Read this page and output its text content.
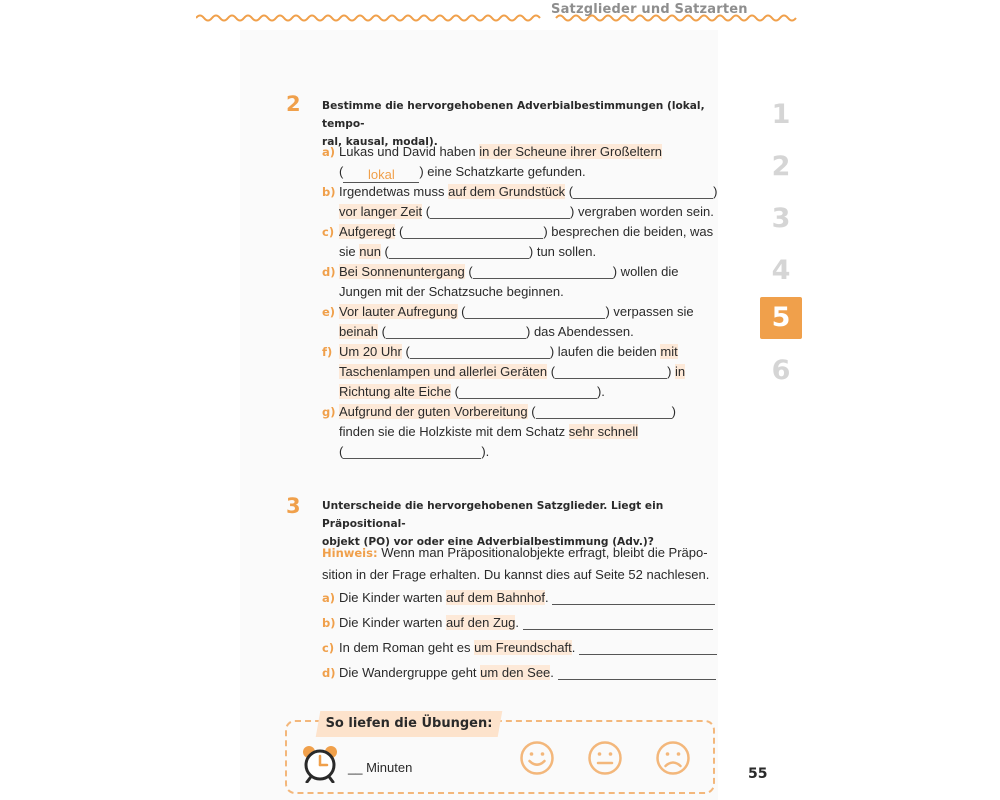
Satzglieder und Satzarten
1
2
3
4
5
6
2 Bestimme die hervorgehobenen Adverbialbestimmungen (lokal, tempo-
ral, kausal, modal).
a) Lukas und David haben in der Scheune ihrer Großeltern
( lokal ) eine Schatzkarte gefunden.
b) Irgendetwas muss auf dem Grundstück (	)
vor langer Zeit (	) vergraben worden sein.
c) Aufgeregt (	) besprechen die beiden, was
sie nun (	) tun sollen.
d) Bei Sonnenuntergang (	) wollen die
Jungen mit der Schatzsuche beginnen.
e) Vor lauter Aufregung (	) verpassen sie
beinah (	) das Abendessen.
f) Um 20 Uhr (	) laufen die beiden mit
Taschenlampen und allerlei Geräten (	) in
Richtung alte Eiche (	).
g) Aufgrund der guten Vorbereitung (	)
finden sie die Holzkiste mit dem Schatz sehr schnell
(	).
3 Unterscheide die hervorgehobenen Satzglieder. Liegt ein Präpositional-
objekt (PO) vor oder eine Adverbialbestimmung (Adv.)?
Hinweis: Wenn man Präpositionalobjekte erfragt, bleibt die Präpo-
sition in der Frage erhalten. Du kannst dies auf Seite 52 nachlesen.
a) Die Kinder warten auf dem Bahnhof.
b) Die Kinder warten auf den Zug.
c) In dem Roman geht es um Freundschaft.
d) Die Wandergruppe geht um den See.
So liefen die Übungen:
__ Minuten	55
